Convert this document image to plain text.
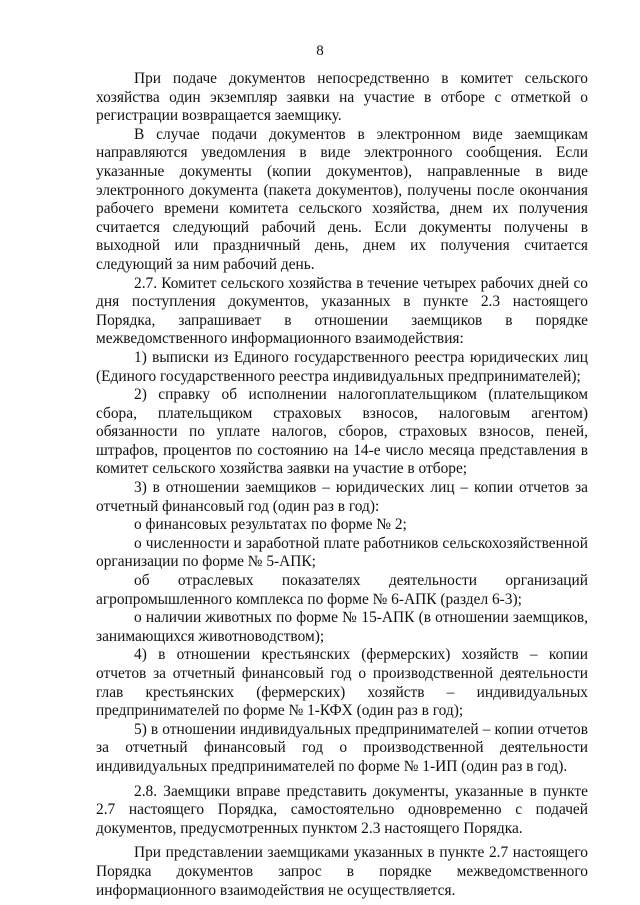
8

При подаче документов непосредственно в комитет сельского хозяйства один экземпляр заявки на участие в отборе с отметкой о регистрации возвращается заемщику.

В случае подачи документов в электронном виде заемщикам направляются уведомления в виде электронного сообщения. Если указанные документы (копии документов), направленные в виде электронного документа (пакета документов), получены после окончания рабочего времени комитета сельского хозяйства, днем их получения считается следующий рабочий день. Если документы получены в выходной или праздничный день, днем их получения считается следующий за ним рабочий день.

2.7. Комитет сельского хозяйства в течение четырех рабочих дней со дня поступления документов, указанных в пункте 2.3 настоящего Порядка, запрашивает в отношении заемщиков в порядке межведомственного информационного взаимодействия:

1) выписки из Единого государственного реестра юридических лиц (Единого государственного реестра индивидуальных предпринимателей);

2) справку об исполнении налогоплательщиком (плательщиком сбора, плательщиком страховых взносов, налоговым агентом) обязанности по уплате налогов, сборов, страховых взносов, пеней, штрафов, процентов по состоянию на 14-е число месяца представления в комитет сельского хозяйства заявки на участие в отборе;

3) в отношении заемщиков – юридических лиц – копии отчетов за отчетный финансовый год (один раз в год):

о финансовых результатах по форме № 2;

о численности и заработной плате работников сельскохозяйственной организации по форме № 5-АПК;

об отраслевых показателях деятельности организаций агропромышленного комплекса по форме № 6-АПК (раздел 6-3);

о наличии животных по форме № 15-АПК (в отношении заемщиков, занимающихся животноводством);

4) в отношении крестьянских (фермерских) хозяйств – копии отчетов за отчетный финансовый год о производственной деятельности глав крестьянских (фермерских) хозяйств – индивидуальных предпринимателей по форме № 1-КФХ (один раз в год);

5) в отношении индивидуальных предпринимателей – копии отчетов за отчетный финансовый год о производственной деятельности индивидуальных предпринимателей по форме № 1-ИП (один раз в год).

2.8. Заемщики вправе представить документы, указанные в пункте 2.7 настоящего Порядка, самостоятельно одновременно с подачей документов, предусмотренных пунктом 2.3 настоящего Порядка.

При представлении заемщиками указанных в пункте 2.7 настоящего Порядка документов запрос в порядке межведомственного информационного взаимодействия не осуществляется.
